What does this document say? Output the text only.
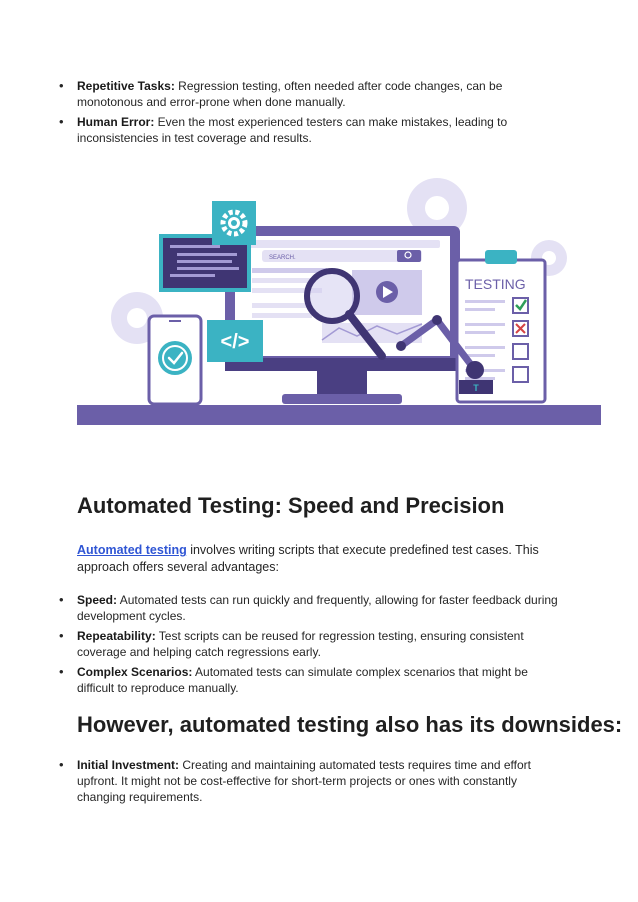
• Repetitive Tasks: Regression testing, often needed after code changes, can be monotonous and error-prone when done manually.
• Human Error: Even the most experienced testers can make mistakes, leading to inconsistencies in test coverage and results.
SEARCH.
</>
TESTING
T
Automated Testing: Speed and Precision

Automated testing involves writing scripts that execute predefined test cases. This approach offers several advantages:

• Speed: Automated tests can run quickly and frequently, allowing for faster feedback during development cycles.
• Repeatability: Test scripts can be reused for regression testing, ensuring consistent coverage and helping catch regressions early.
• Complex Scenarios: Automated tests can simulate complex scenarios that might be difficult to reproduce manually.
However, automated testing also has its downsides:
• Initial Investment: Creating and maintaining automated tests requires time and effort upfront. It might not be cost-effective for short-term projects or ones with constantly changing requirements.
